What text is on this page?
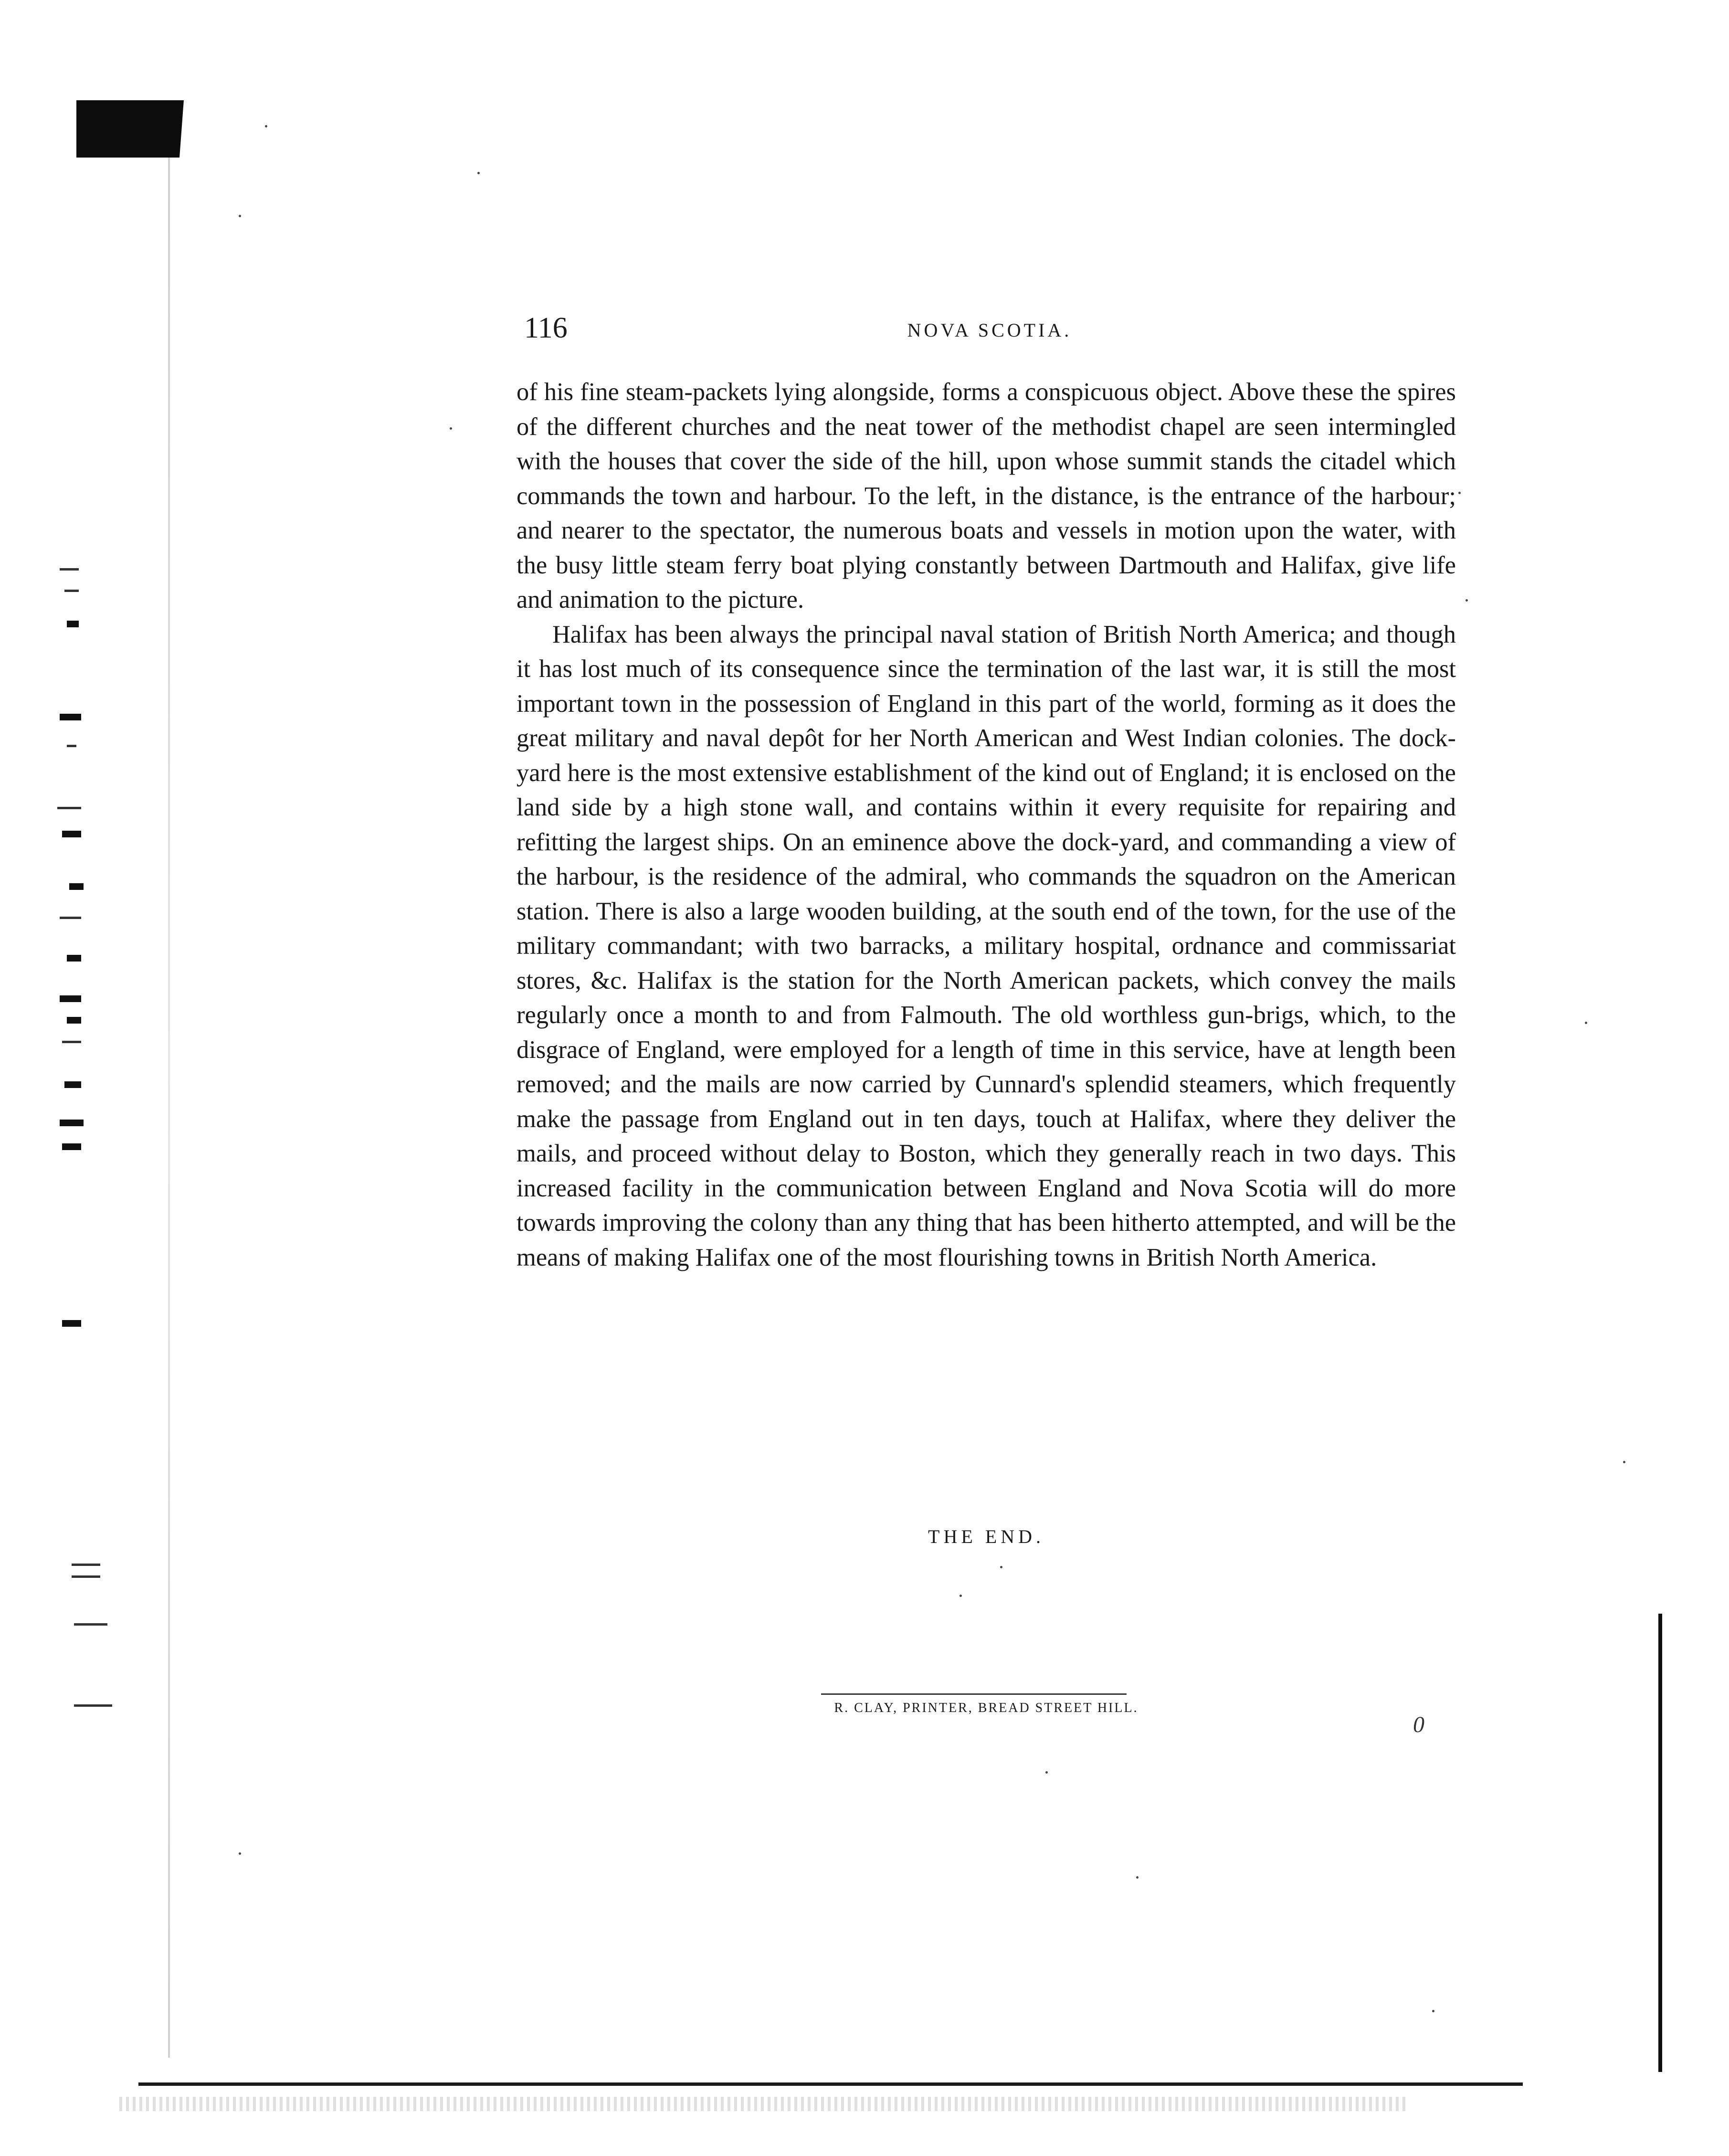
116	NOVA SCOTIA.

of his fine steam-packets lying alongside, forms a conspicuous object. Above these the spires of the different churches and the neat tower of the methodist chapel are seen intermingled with the houses that cover the side of the hill, upon whose summit stands the citadel which commands the town and harbour. To the left, in the distance, is the entrance of the harbour; and nearer to the spectator, the numerous boats and vessels in motion upon the water, with the busy little steam ferry boat plying constantly between Dartmouth and Halifax, give life and animation to the picture.

Halifax has been always the principal naval station of British North America; and though it has lost much of its consequence since the termination of the last war, it is still the most important town in the possession of England in this part of the world, forming as it does the great military and naval depôt for her North American and West Indian colonies. The dock-yard here is the most extensive establishment of the kind out of England; it is enclosed on the land side by a high stone wall, and contains within it every requisite for repairing and refitting the largest ships. On an eminence above the dock-yard, and commanding a view of the harbour, is the residence of the admiral, who commands the squadron on the American station. There is also a large wooden building, at the south end of the town, for the use of the military commandant; with two barracks, a military hospital, ordnance and commissariat stores, &c. Halifax is the station for the North American packets, which convey the mails regularly once a month to and from Falmouth. The old worthless gun-brigs, which, to the disgrace of England, were employed for a length of time in this service, have at length been removed; and the mails are now carried by Cunnard's splendid steamers, which frequently make the passage from England out in ten days, touch at Halifax, where they deliver the mails, and proceed without delay to Boston, which they generally reach in two days. This increased facility in the communication between England and Nova Scotia will do more towards improving the colony than any thing that has been hitherto attempted, and will be the means of making Halifax one of the most flourishing towns in British North America.

THE END.
R. CLAY, PRINTER, BREAD STREET HILL.
0
